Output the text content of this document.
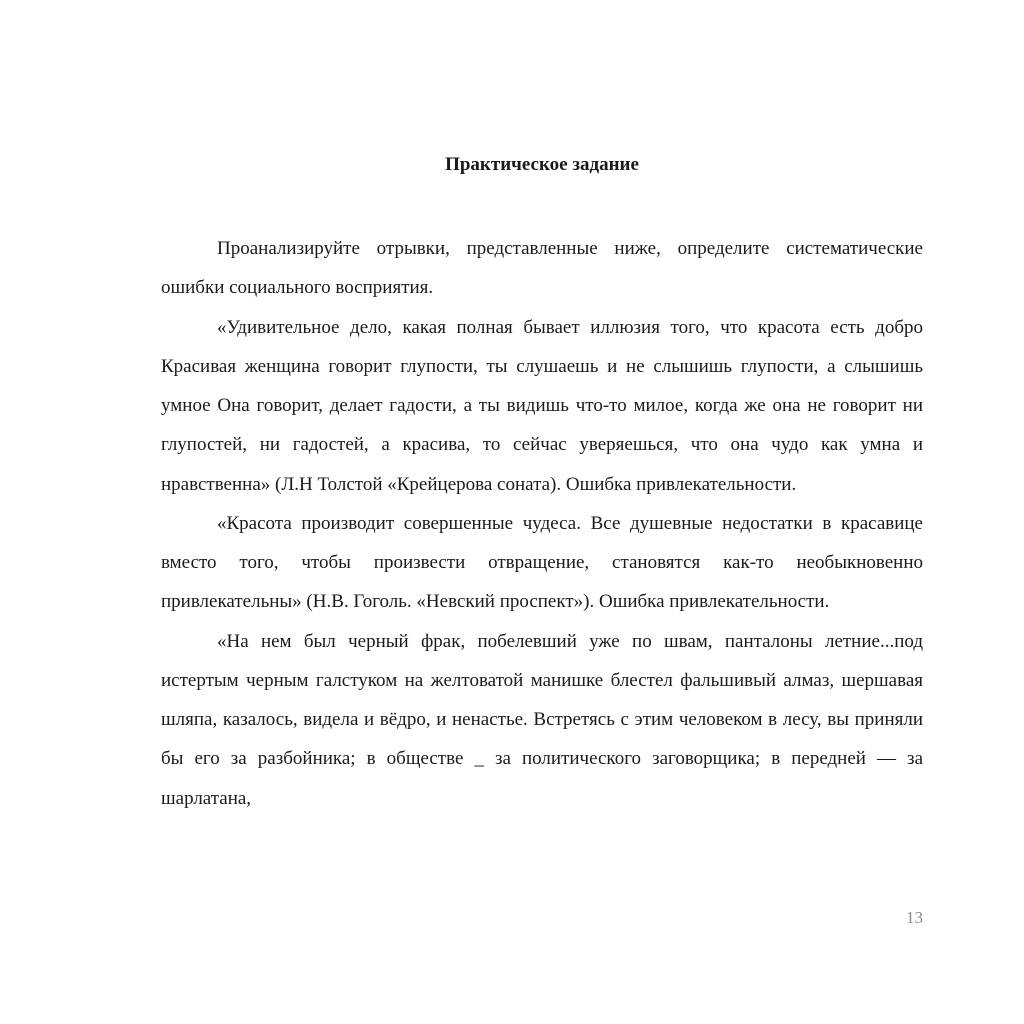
Практическое задание

Проанализируйте отрывки, представленные ниже, определите систематические ошибки социального восприятия.

«Удивительное дело, какая полная бывает иллюзия того, что красота есть добро Красивая женщина говорит глупости, ты слушаешь и не слышишь глупости, а слышишь умное Она говорит, делает гадости, а ты видишь что-то милое, когда же она не говорит ни глупостей, ни гадостей, а красива, то сейчас уверяешься, что она чудо как умна и нравственна» (Л.Н Толстой «Крейцерова соната). Ошибка привлекательности.

«Красота производит совершенные чудеса. Все душевные недостатки в красавице вместо того, чтобы произвести отвращение, становятся как-то необыкновенно привлекательны» (Н.В. Гоголь. «Невский проспект»). Ошибка привлекательности.

«На нем был черный фрак, побелевший уже по швам, панталоны летние...под истертым черным галстуком на желтоватой манишке блестел фальшивый алмаз, шершавая шляпа, казалось, видела и вёдро, и ненастье. Встретясь с этим человеком в лесу, вы приняли бы его за разбойника; в обществе _ за политического заговорщика; в передней — за шарлатана,

13
